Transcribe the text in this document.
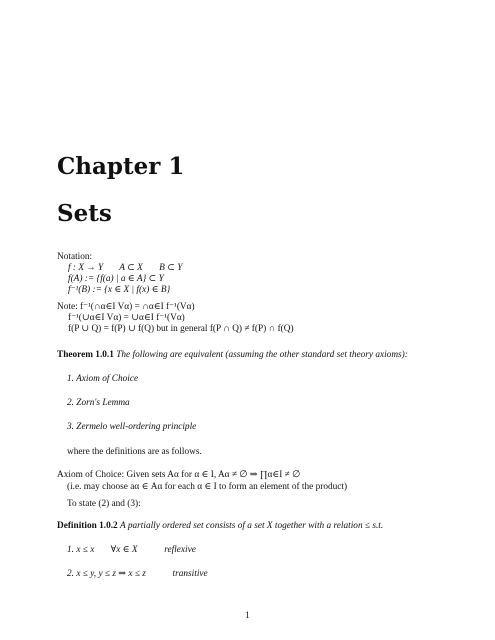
Chapter 1
Sets
Notation:
f : X → Y       A ⊂ X       B ⊂ Y
f(A) := {f(a) | a ∈ A} ⊂ Y
f⁻¹(B) := {x ∈ X | f(x) ∈ B}
Note: f⁻¹(∩α∈I Vα) = ∩α∈I f⁻¹(Vα)
f⁻¹(∪α∈I Vα) = ∪α∈I f⁻¹(Vα)
f(P ∪ Q) = f(P) ∪ f(Q) but in general f(P ∩ Q) ≠ f(P) ∩ f(Q)
Theorem 1.0.1 The following are equivalent (assuming the other standard set theory axioms):
1. Axiom of Choice
2. Zorn's Lemma
3. Zermelo well-ordering principle
where the definitions are as follows.
Axiom of Choice: Given sets Aα for α ∈ I, Aα ≠ ∅ ⇒ ∏α∈I ≠ ∅
(i.e. may choose aα ∈ Aα for each α ∈ I to form an element of the product)
To state (2) and (3):
Definition 1.0.2 A partially ordered set consists of a set X together with a relation ≤ s.t.
1. x ≤ x       ∀x ∈ X	reflexive
2. x ≤ y, y ≤ z ⇒ x ≤ z	transitive
1
